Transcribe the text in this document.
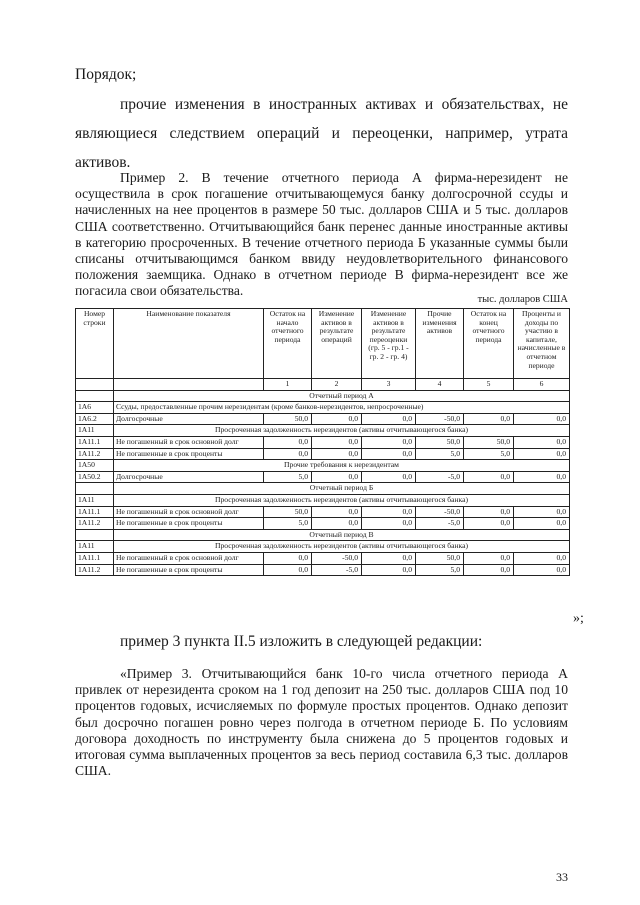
Порядок;
прочие изменения в иностранных активах и обязательствах, не
являющиеся следствием операций и переоценки, например, утрата
активов.
Пример 2. В течение отчетного периода А фирма-нерезидент не осуществила в срок погашение отчитывающемуся банку долгосрочной ссуды и начисленных на нее процентов в размере 50 тыс. долларов США и 5 тыс. долларов США соответственно. Отчитывающийся банк перенес данные иностранные активы в категорию просроченных. В течение отчетного периода Б указанные суммы были списаны отчитывающимся банком ввиду неудовлетворительного финансового положения заемщика. Однако в отчетном периоде В фирма-нерезидент все же погасила свои обязательства.
тыс. долларов США
Номер строки	Наименование показателя	Остаток на начало отчетного периода	Изменение активов в результате операций	Изменение активов в результате переоценки (гр. 5 - гр.1 - гр. 2 - гр. 4)	Прочие изменения активов	Остаток на конец отчетного периода	Проценты и доходы по участию в капитале, начисленные в отчетном периоде
		1	2	3	4	5	6
	Отчетный период А						
1А6	Ссуды, предоставленные прочим нерезидентам (кроме банков-нерезидентов, непросроченные)						
1А6.2	Долгосрочные	50,0	0,0	0,0	-50,0	0,0	0,0
1А11	Просроченная задолженность нерезидентов (активы отчитывающегося банка)						
1А11.1	Не погашенный в срок основной долг	0,0	0,0	0,0	50,0	50,0	0,0
1А11.2	Не погашенные в срок проценты	0,0	0,0	0,0	5,0	5,0	0,0
1А50	Прочие требования к нерезидентам						
1А50.2	Долгосрочные	5,0	0,0	0,0	-5,0	0,0	0,0
	Отчетный период Б						
1А11	Просроченная задолженность нерезидентов (активы отчитывающегося банка)						
1А11.1	Не погашенный в срок основной долг	50,0	0,0	0,0	-50,0	0,0	0,0
1А11.2	Не погашенные в срок проценты	5,0	0,0	0,0	-5,0	0,0	0,0
	Отчетный период В						
1А11	Просроченная задолженность нерезидентов (активы отчитывающегося банка)						
1А11.1	Не погашенный в срок основной долг	0,0	-50,0	0,0	50,0	0,0	0,0
1А11.2	Не погашенные в срок проценты	0,0	-5,0	0,0	5,0	0,0	0,0
»;
пример 3 пункта II.5 изложить в следующей редакции:
«Пример 3. Отчитывающийся банк 10-го числа отчетного периода А привлек от нерезидента сроком на 1 год депозит на 250 тыс. долларов США под 10 процентов годовых, исчисляемых по формуле простых процентов. Однако депозит был досрочно погашен ровно через полгода в отчетном периоде Б. По условиям договора доходность по инструменту была снижена до 5 процентов годовых и итоговая сумма выплаченных процентов за весь период составила 6,3 тыс. долларов США.
33
